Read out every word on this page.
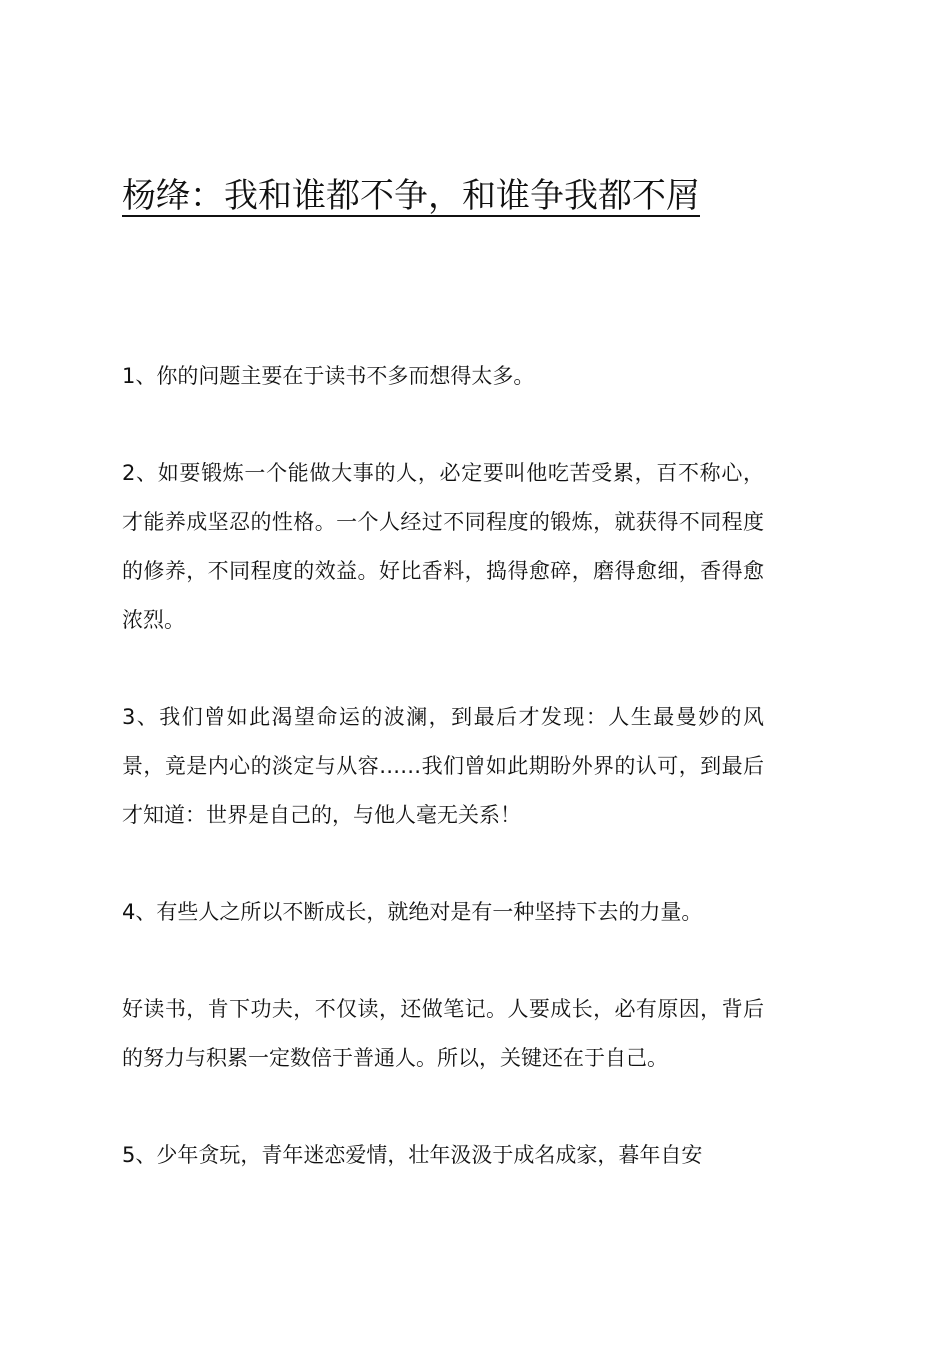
杨绛：我和谁都不争，和谁争我都不屑

1、你的问题主要在于读书不多而想得太多。

2、如要锻炼一个能做大事的人，必定要叫他吃苦受累，百不称心，才能养成坚忍的性格。一个人经过不同程度的锻炼，就获得不同程度的修养，不同程度的效益。好比香料，捣得愈碎，磨得愈细，香得愈浓烈。

3、我们曾如此渴望命运的波澜，到最后才发现：人生最曼妙的风景，竟是内心的淡定与从容……我们曾如此期盼外界的认可，到最后才知道：世界是自己的，与他人毫无关系！

4、有些人之所以不断成长，就绝对是有一种坚持下去的力量。

好读书，肯下功夫，不仅读，还做笔记。人要成长，必有原因，背后的努力与积累一定数倍于普通人。所以，关键还在于自己。

5、少年贪玩，青年迷恋爱情，壮年汲汲于成名成家，暮年自安
